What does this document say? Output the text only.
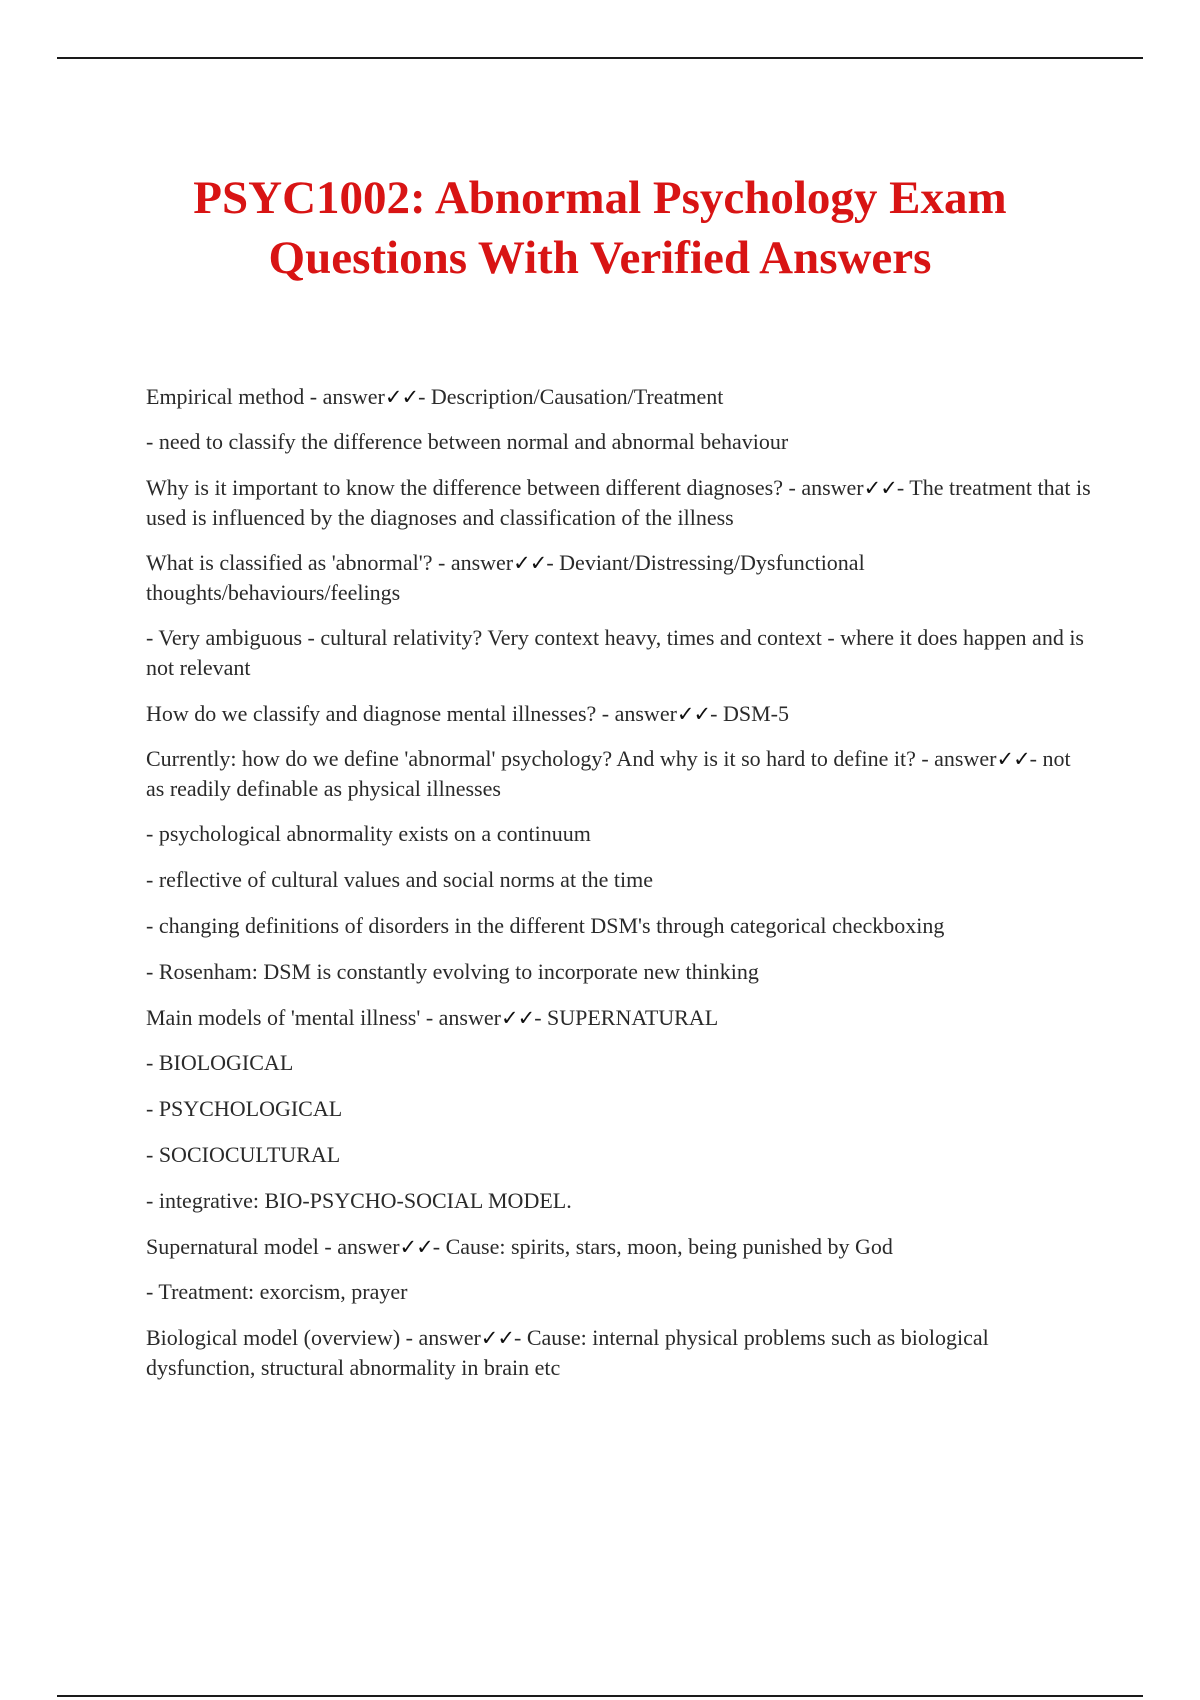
PSYC1002: Abnormal Psychology Exam
Questions With Verified Answers

Empirical method - answer✓✓- Description/Causation/Treatment

- need to classify the difference between normal and abnormal behaviour

Why is it important to know the difference between different diagnoses? - answer✓✓- The treatment that is used is influenced by the diagnoses and classification of the illness

What is classified as 'abnormal'? - answer✓✓- Deviant/Distressing/Dysfunctional thoughts/behaviours/feelings

- Very ambiguous - cultural relativity? Very context heavy, times and context - where it does happen and is not relevant

How do we classify and diagnose mental illnesses? - answer✓✓- DSM-5

Currently: how do we define 'abnormal' psychology? And why is it so hard to define it? - answer✓✓- not as readily definable as physical illnesses

- psychological abnormality exists on a continuum

- reflective of cultural values and social norms at the time

- changing definitions of disorders in the different DSM's through categorical checkboxing

- Rosenham: DSM is constantly evolving to incorporate new thinking

Main models of 'mental illness' - answer✓✓- SUPERNATURAL

- BIOLOGICAL

- PSYCHOLOGICAL

- SOCIOCULTURAL

- integrative: BIO-PSYCHO-SOCIAL MODEL.

Supernatural model - answer✓✓- Cause: spirits, stars, moon, being punished by God

- Treatment: exorcism, prayer

Biological model (overview) - answer✓✓- Cause: internal physical problems such as biological dysfunction, structural abnormality in brain etc
